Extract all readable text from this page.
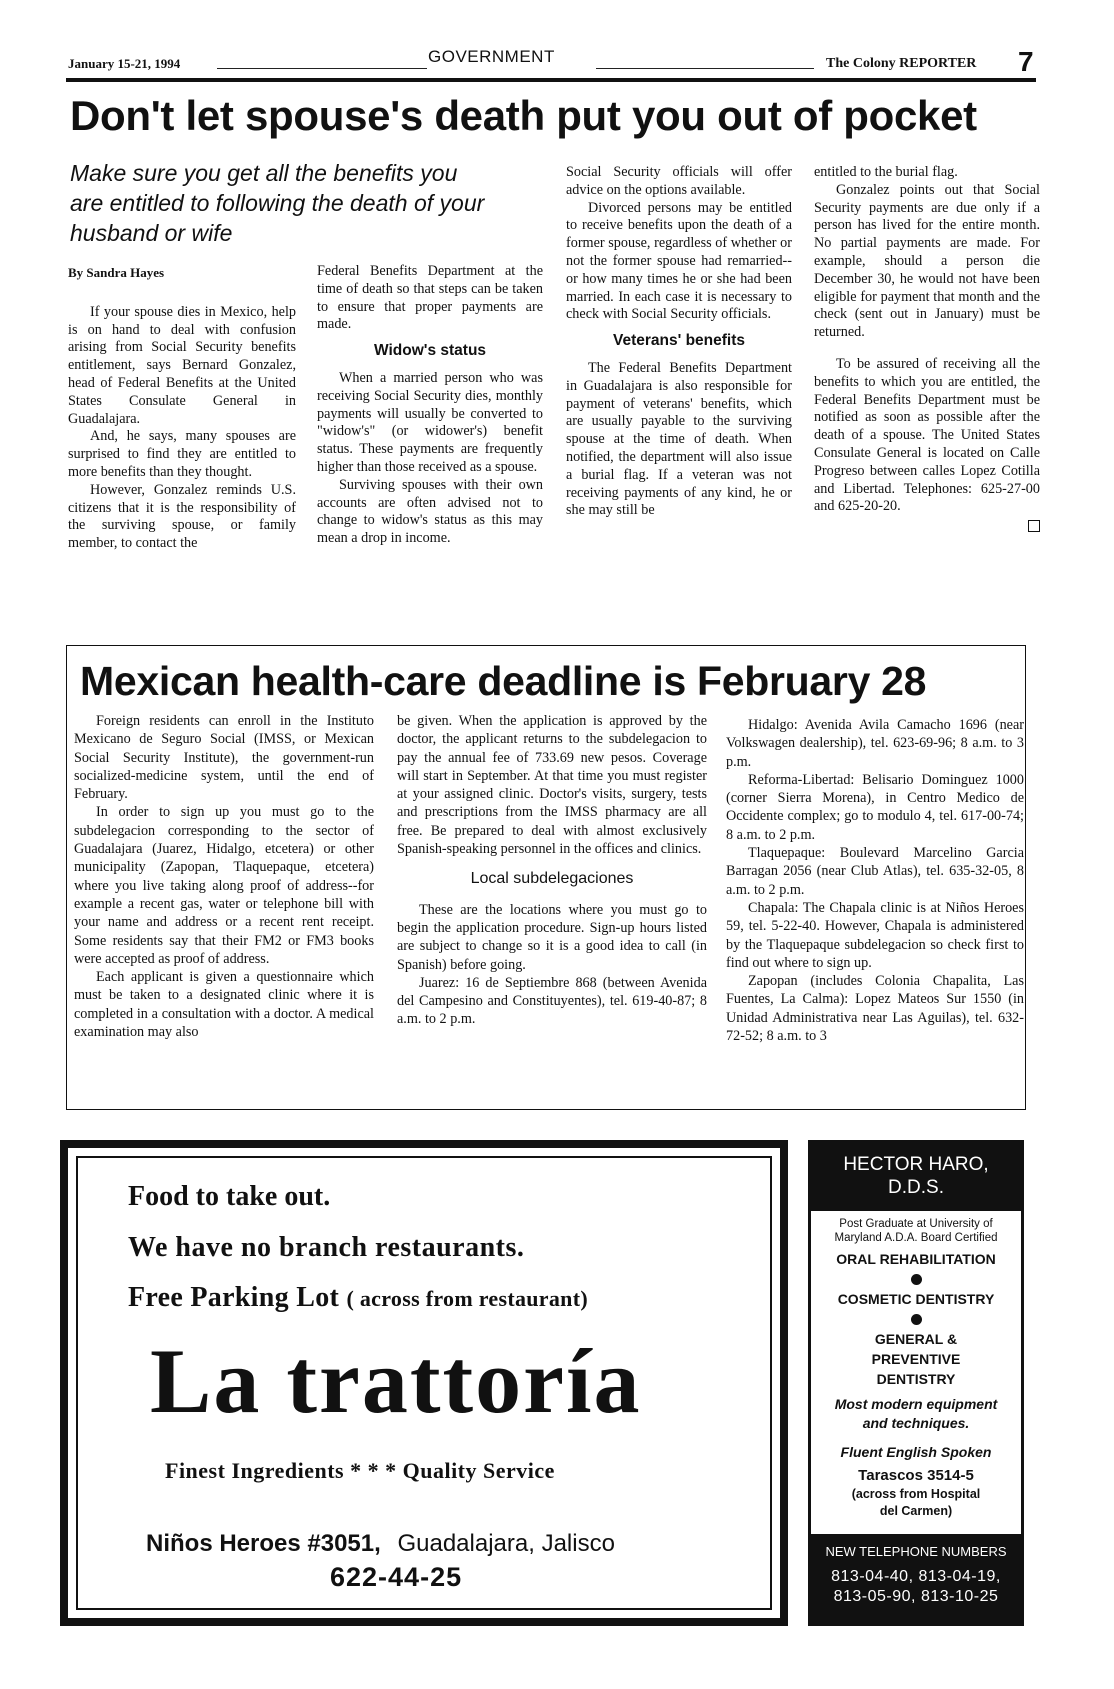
January 15-21, 1994	GOVERNMENT	The Colony REPORTER 7
Don't let spouse's death put you out of pocket
Make sure you get all the benefits you are entitled to following the death of your husband or wife
By Sandra Hayes

If your spouse dies in Mexico, help is on hand to deal with confusion arising from Social Security benefits entitlement, says Bernard Gonzalez, head of Federal Benefits at the United States Consulate General in Guadalajara.

And, he says, many spouses are surprised to find they are entitled to more benefits than they thought.

However, Gonzalez reminds U.S. citizens that it is the responsibility of the surviving spouse, or family member, to contact the

Federal Benefits Department at the time of death so that steps can be taken to ensure that proper payments are made.

Widow's status

When a married person who was receiving Social Security dies, monthly payments will usually be converted to "widow's" (or widower's) benefit status. These payments are frequently higher than those received as a spouse.

Surviving spouses with their own accounts are often advised not to change to widow's status as this may mean a drop in income.

Social Security officials will offer advice on the options available.

Divorced persons may be entitled to receive benefits upon the death of a former spouse, regardless of whether or not the former spouse had remarried--or how many times he or she had been married. In each case it is necessary to check with Social Security officials.

Veterans' benefits

The Federal Benefits Department in Guadalajara is also responsible for payment of veterans' benefits, which are usually payable to the surviving spouse at the time of death. When notified, the department will also issue a burial flag. If a veteran was not receiving payments of any kind, he or she may still be

entitled to the burial flag.

Gonzalez points out that Social Security payments are due only if a person has lived for the entire month. No partial payments are made. For example, should a person die December 30, he would not have been eligible for payment that month and the check (sent out in January) must be returned.

To be assured of receiving all the benefits to which you are entitled, the Federal Benefits Department must be notified as soon as possible after the death of a spouse. The United States Consulate General is located on Calle Progreso between calles Lopez Cotilla and Libertad. Telephones: 625-27-00 and 625-20-20.

Mexican health-care deadline is February 28

Foreign residents can enroll in the Instituto Mexicano de Seguro Social (IMSS, or Mexican Social Security Institute), the government-run socialized-medicine system, until the end of February.

In order to sign up you must go to the subdelegacion corresponding to the sector of Guadalajara (Juarez, Hidalgo, etcetera) or other municipality (Zapopan, Tlaquepaque, etcetera) where you live taking along proof of address--for example a recent gas, water or telephone bill with your name and address or a recent rent receipt. Some residents say that their FM2 or FM3 books were accepted as proof of address.

Each applicant is given a questionnaire which must be taken to a designated clinic where it is completed in a consultation with a doctor. A medical examination may also

be given. When the application is approved by the doctor, the applicant returns to the subdelegacion to pay the annual fee of 733.69 new pesos. Coverage will start in September. At that time you must register at your assigned clinic. Doctor's visits, surgery, tests and prescriptions from the IMSS pharmacy are all free. Be prepared to deal with almost exclusively Spanish-speaking personnel in the offices and clinics.

Local subdelegaciones

These are the locations where you must go to begin the application procedure. Sign-up hours listed are subject to change so it is a good idea to call (in Spanish) before going.

Juarez: 16 de Septiembre 868 (between Avenida del Campesino and Constituyentes), tel. 619-40-87; 8 a.m. to 2 p.m.

Hidalgo: Avenida Avila Camacho 1696 (near Volkswagen dealership), tel. 623-69-96; 8 a.m. to 3 p.m.

Reforma-Libertad: Belisario Dominguez 1000 (corner Sierra Morena), in Centro Medico de Occidente complex; go to modulo 4, tel. 617-00-74; 8 a.m. to 2 p.m.

Tlaquepaque: Boulevard Marcelino Garcia Barragan 2056 (near Club Atlas), tel. 635-32-05, 8 a.m. to 2 p.m.

Chapala: The Chapala clinic is at Niños Heroes 59, tel. 5-22-40. However, Chapala is administered by the Tlaquepaque subdelegacion so check first to find out where to sign up.

Zapopan (includes Colonia Chapalita, Las Fuentes, La Calma): Lopez Mateos Sur 1550 (in Unidad Administrativa near Las Aguilas), tel. 632-72-52; 8 a.m. to 3

Food to take out.
We have no branch restaurants.
Free Parking Lot ( across from restaurant)
La trattoría
Finest Ingredients * * * Quality Service
Niños Heroes #3051, Guadalajara, Jalisco
622-44-25
HECTOR HARO, D.D.S.
Post Graduate at University of Maryland A.D.A. Board Certified
ORAL REHABILITATION
COSMETIC DENTISTRY
GENERAL & PREVENTIVE DENTISTRY
Most modern equipment and techniques.
Fluent English Spoken
Tarascos 3514-5
(across from Hospital del Carmen)
NEW TELEPHONE NUMBERS
813-04-40, 813-04-19,
813-05-90, 813-10-25
